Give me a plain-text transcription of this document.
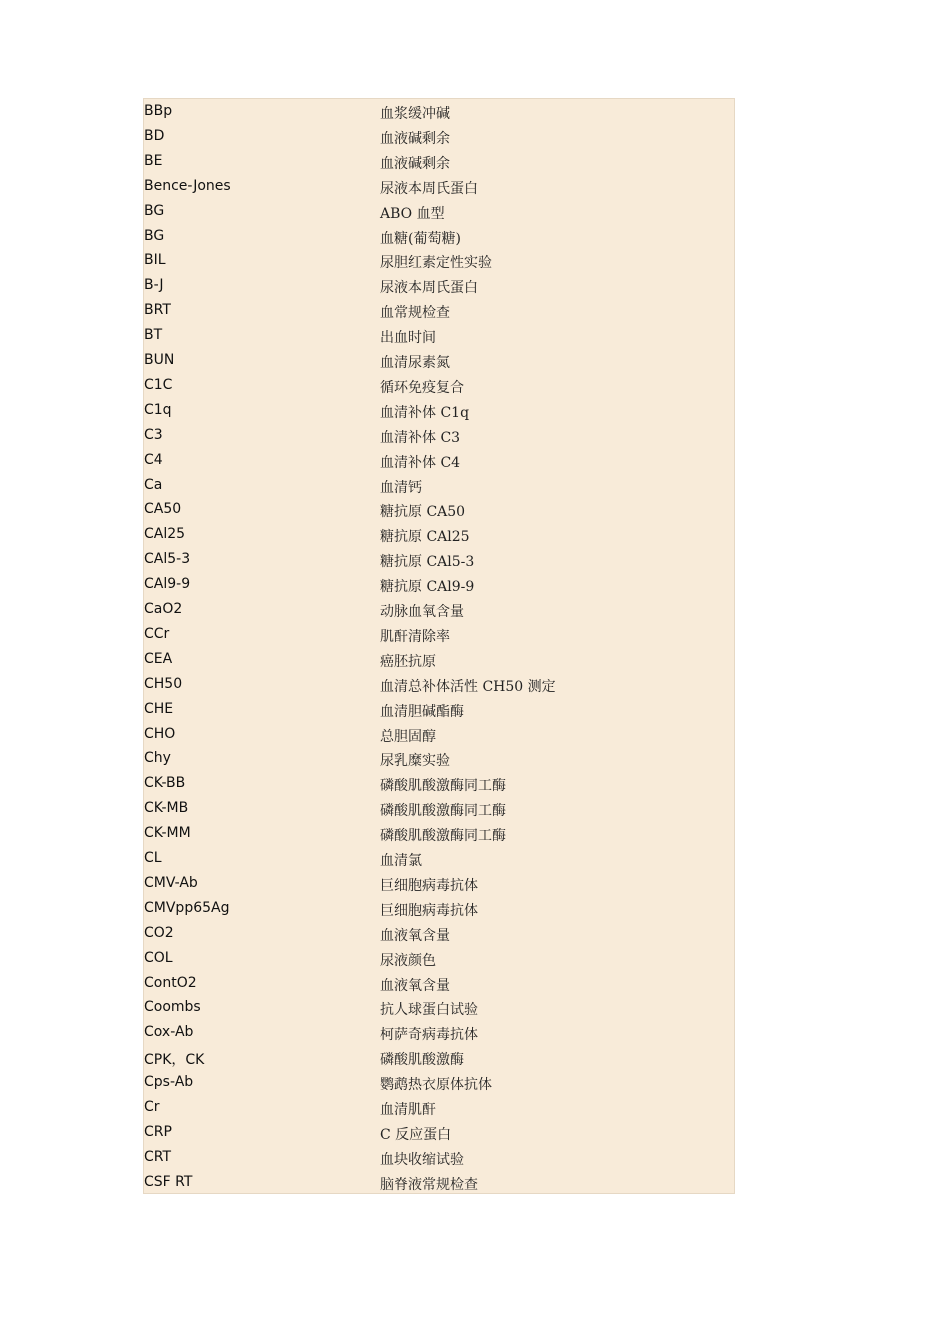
BBp	血浆缓冲碱
BD	血液碱剩余
BE	血液碱剩余
Bence-Jones	尿液本周氏蛋白
BG	ABO 血型
BG	血糖(葡萄糖)
BIL	尿胆红素定性实验
B-J	尿液本周氏蛋白
BRT	血常规检查
BT	出血时间
BUN	血清尿素氮
C1C	循环免疫复合
C1q	血清补体 C1q
C3	血清补体 C3
C4	血清补体 C4
Ca	血清钙
CA50	糖抗原 CA50
CAl25	糖抗原 CAl25
CAl5-3	糖抗原 CAl5-3
CAl9-9	糖抗原 CAl9-9
CaO2	动脉血氧含量
CCr	肌酐清除率
CEA	癌胚抗原
CH50	血清总补体活性 CH50 测定
CHE	血清胆碱酯酶
CHO	总胆固醇
Chy	尿乳糜实验
CK-BB	磷酸肌酸激酶同工酶
CK-MB	磷酸肌酸激酶同工酶
CK-MM	磷酸肌酸激酶同工酶
CL	血清氯
CMV-Ab	巨细胞病毒抗体
CMVpp65Ag	巨细胞病毒抗体
CO2	血液氧含量
COL	尿液颜色
ContO2	血液氧含量
Coombs	抗人球蛋白试验
Cox-Ab	柯萨奇病毒抗体
CPK，CK	磷酸肌酸激酶
Cps-Ab	鹦鹉热衣原体抗体
Cr	血清肌酐
CRP	C 反应蛋白
CRT	血块收缩试验
CSF RT	脑脊液常规检查
